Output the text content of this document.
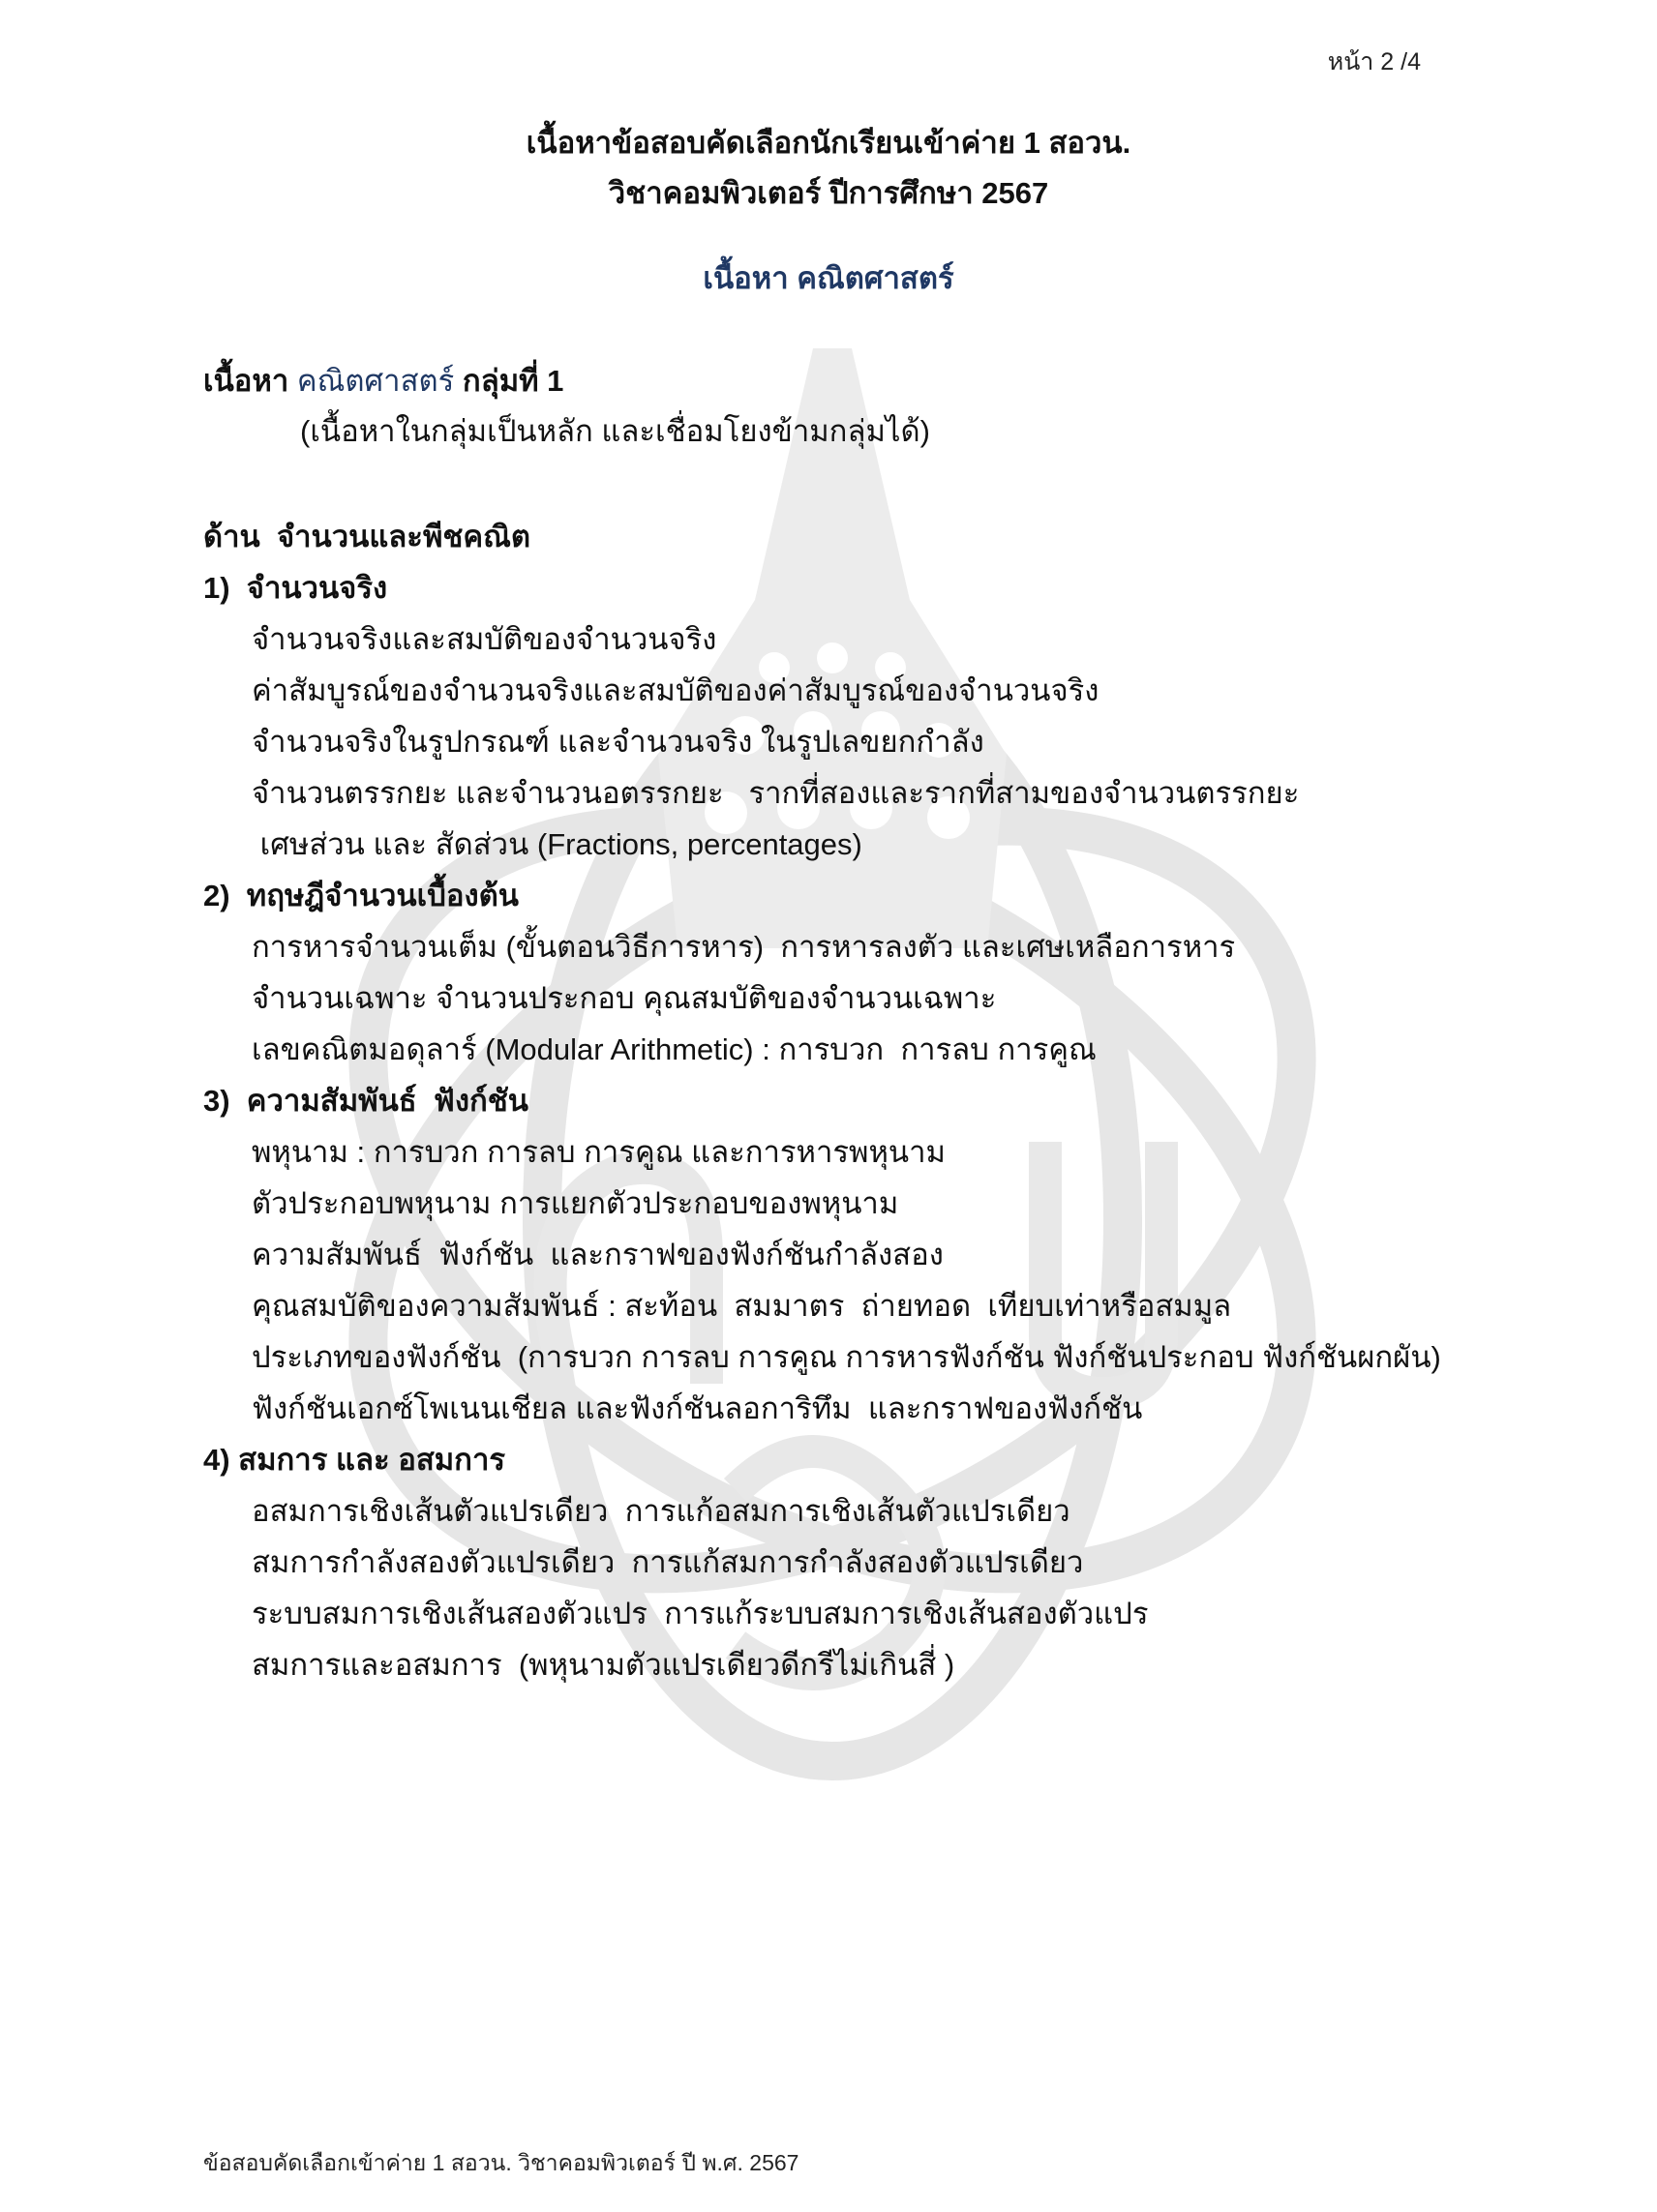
หน้า 2 /4
เนื้อหาข้อสอบคัดเลือกนักเรียนเข้าค่าย 1 สอวน.
วิชาคอมพิวเตอร์ ปีการศึกษา 2567
เนื้อหา คณิตศาสตร์
เนื้อหา คณิตศาสตร์ กลุ่มที่ 1
(เนื้อหาในกลุ่มเป็นหลัก และเชื่อมโยงข้ามกลุ่มได้)
ด้าน  จำนวนและพีชคณิต
1)  จำนวนจริง
จำนวนจริงและสมบัติของจำนวนจริง
ค่าสัมบูรณ์ของจำนวนจริงและสมบัติของค่าสัมบูรณ์ของจำนวนจริง
จำนวนจริงในรูปกรณฑ์ และจำนวนจริง ในรูปเลขยกกำลัง
จำนวนตรรกยะ และจำนวนอตรรกยะ   รากที่สองและรากที่สามของจำนวนตรรกยะ
เศษส่วน และ สัดส่วน (Fractions, percentages)
2)  ทฤษฎีจำนวนเบื้องต้น
การหารจำนวนเต็ม (ขั้นตอนวิธีการหาร)  การหารลงตัว และเศษเหลือการหาร
จำนวนเฉพาะ จำนวนประกอบ คุณสมบัติของจำนวนเฉพาะ
เลขคณิตมอดุลาร์ (Modular Arithmetic) : การบวก  การลบ การคูณ
3)  ความสัมพันธ์  ฟังก์ชัน
พหุนาม : การบวก การลบ การคูณ และการหารพหุนาม
ตัวประกอบพหุนาม การแยกตัวประกอบของพหุนาม
ความสัมพันธ์  ฟังก์ชัน  และกราฟของฟังก์ชันกำลังสอง
คุณสมบัติของความสัมพันธ์ : สะท้อน  สมมาตร  ถ่ายทอด  เทียบเท่าหรือสมมูล
ประเภทของฟังก์ชัน  (การบวก การลบ การคูณ การหารฟังก์ชัน ฟังก์ชันประกอบ ฟังก์ชันผกผัน)
ฟังก์ชันเอกซ์โพเนนเชียล และฟังก์ชันลอการิทึม  และกราฟของฟังก์ชัน
4) สมการ และ อสมการ
อสมการเชิงเส้นตัวแปรเดียว  การแก้อสมการเชิงเส้นตัวแปรเดียว
สมการกำลังสองตัวแปรเดียว  การแก้สมการกำลังสองตัวแปรเดียว
ระบบสมการเชิงเส้นสองตัวแปร  การแก้ระบบสมการเชิงเส้นสองตัวแปร
สมการและอสมการ  (พหุนามตัวแปรเดียวดีกรีไม่เกินสี่ )
ข้อสอบคัดเลือกเข้าค่าย 1 สอวน. วิชาคอมพิวเตอร์ ปี พ.ศ. 2567
